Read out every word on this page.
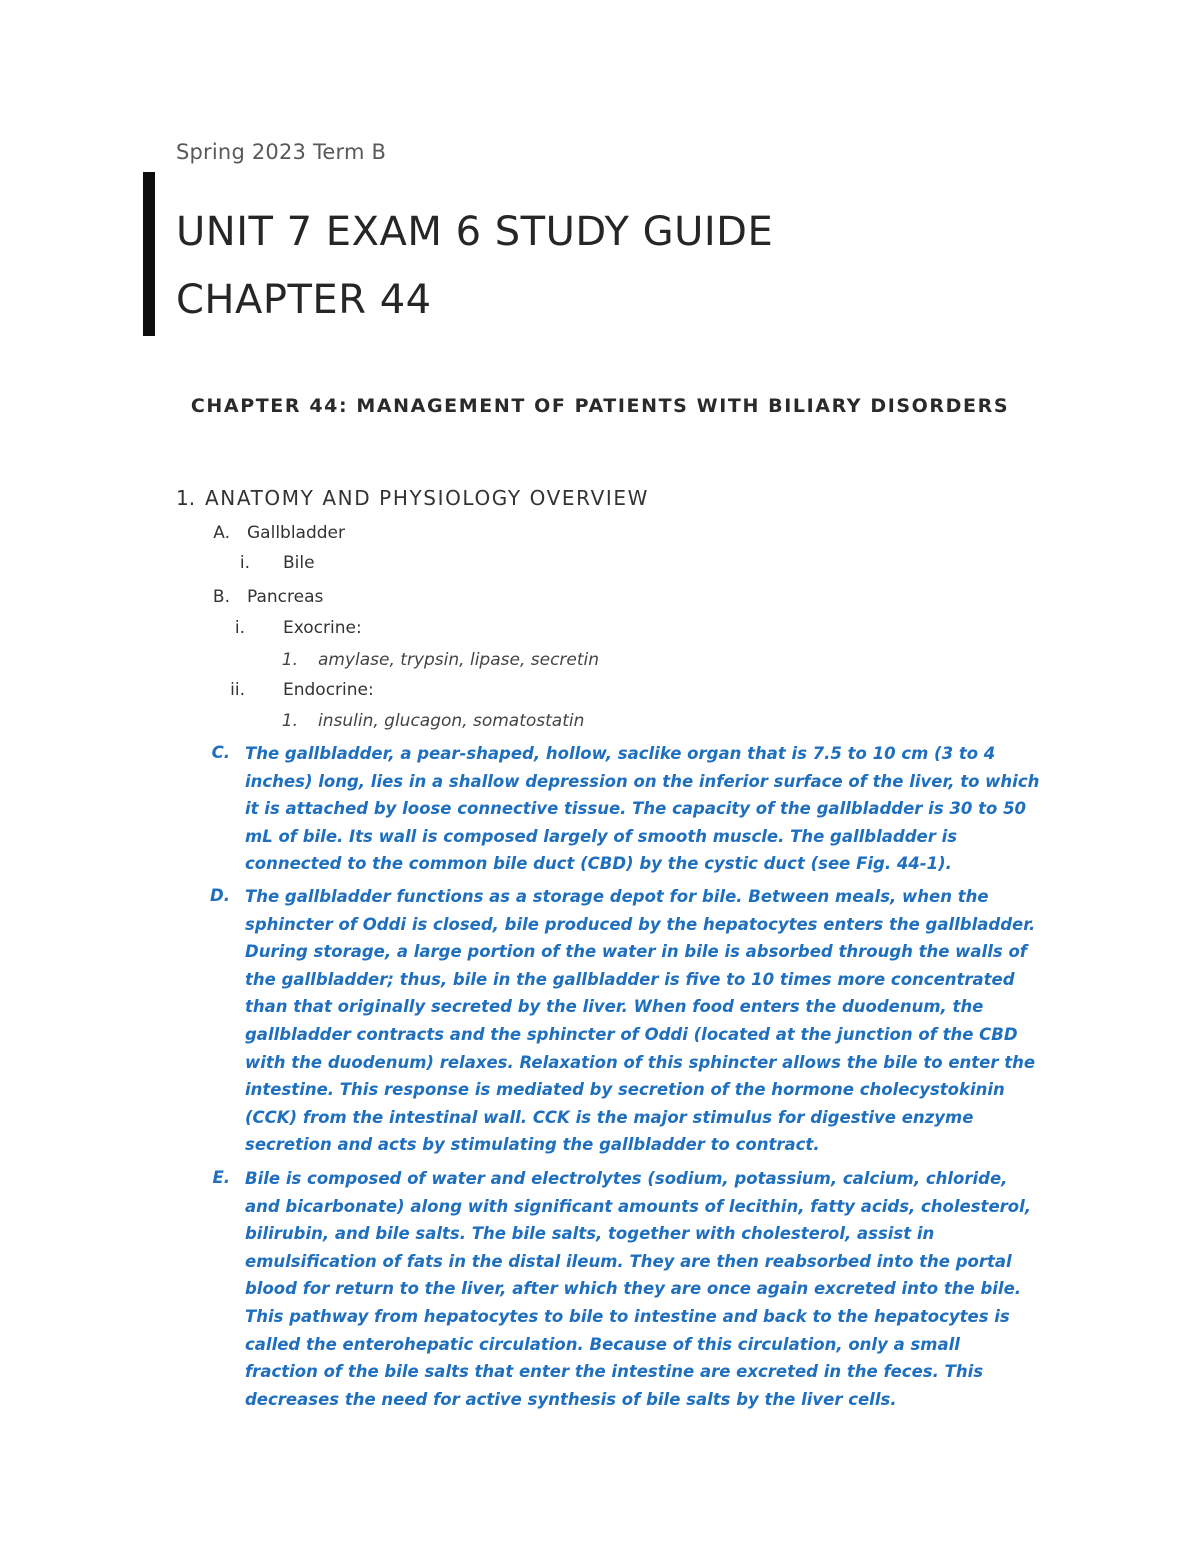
Spring 2023 Term B
UNIT 7 EXAM 6 STUDY GUIDE
CHAPTER 44
CHAPTER 44: MANAGEMENT OF PATIENTS WITH BILIARY DISORDERS
1. ANATOMY AND PHYSIOLOGY OVERVIEW
A. Gallbladder
i. Bile
B. Pancreas
i. Exocrine:
1. amylase, trypsin, lipase, secretin
ii. Endocrine:
1. insulin, glucagon, somatostatin
C. The gallbladder, a pear-shaped, hollow, saclike organ that is 7.5 to 10 cm (3 to 4
inches) long, lies in a shallow depression on the inferior surface of the liver, to which
it is attached by loose connective tissue. The capacity of the gallbladder is 30 to 50
mL of bile. Its wall is composed largely of smooth muscle. The gallbladder is
connected to the common bile duct (CBD) by the cystic duct (see Fig. 44-1).
D. The gallbladder functions as a storage depot for bile. Between meals, when the
sphincter of Oddi is closed, bile produced by the hepatocytes enters the gallbladder.
During storage, a large portion of the water in bile is absorbed through the walls of
the gallbladder; thus, bile in the gallbladder is five to 10 times more concentrated
than that originally secreted by the liver. When food enters the duodenum, the
gallbladder contracts and the sphincter of Oddi (located at the junction of the CBD
with the duodenum) relaxes. Relaxation of this sphincter allows the bile to enter the
intestine. This response is mediated by secretion of the hormone cholecystokinin
(CCK) from the intestinal wall. CCK is the major stimulus for digestive enzyme
secretion and acts by stimulating the gallbladder to contract.
E. Bile is composed of water and electrolytes (sodium, potassium, calcium, chloride,
and bicarbonate) along with significant amounts of lecithin, fatty acids, cholesterol,
bilirubin, and bile salts. The bile salts, together with cholesterol, assist in
emulsification of fats in the distal ileum. They are then reabsorbed into the portal
blood for return to the liver, after which they are once again excreted into the bile.
This pathway from hepatocytes to bile to intestine and back to the hepatocytes is
called the enterohepatic circulation. Because of this circulation, only a small
fraction of the bile salts that enter the intestine are excreted in the feces. This
decreases the need for active synthesis of bile salts by the liver cells.
